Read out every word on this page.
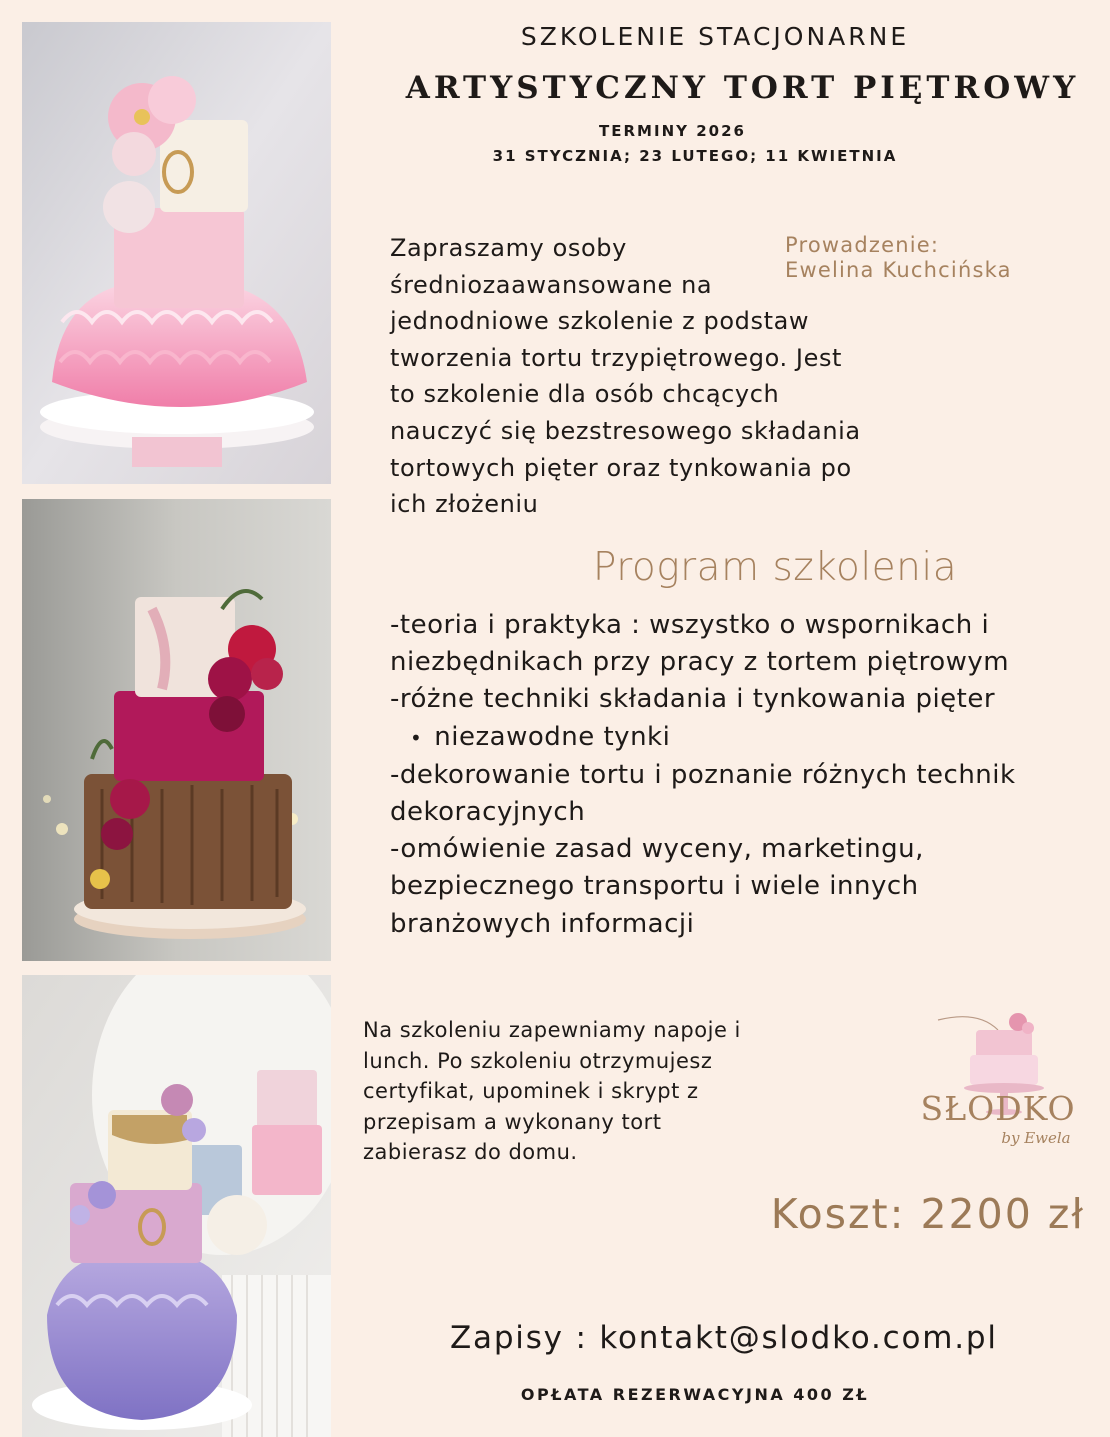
SZKOLENIE STACJONARNE
ARTYSTYCZNY TORT PIĘTROWY
TERMINY 2026
31 STYCZNIA; 23 LUTEGO; 11 KWIETNIA
Zapraszamy osoby
średniozaawansowane na
jednodniowe szkolenie z podstaw
tworzenia tortu trzypiętrowego. Jest
to szkolenie dla osób chcących
nauczyć się bezstresowego składania
tortowych pięter oraz tynkowania po
ich złożeniu
Prowadzenie:
Ewelina Kuchcińska
Program szkolenia
-teoria i praktyka : wszystko o wspornikach i
niezbędnikach przy pracy z tortem piętrowym
-różne techniki składania i tynkowania pięter
• niezawodne tynki
-dekorowanie tortu i poznanie różnych technik
dekoracyjnych
-omówienie zasad wyceny, marketingu,
bezpiecznego transportu i wiele innych
branżowych informacji
Na szkoleniu zapewniamy napoje i
lunch. Po szkoleniu otrzymujesz
certyfikat, upominek i skrypt z
przepisam a wykonany tort
zabierasz do domu.
SŁODKO
by Ewela
Koszt: 2200 zł
Zapisy : kontakt@slodko.com.pl
OPŁATA REZERWACYJNA 400 ZŁ
